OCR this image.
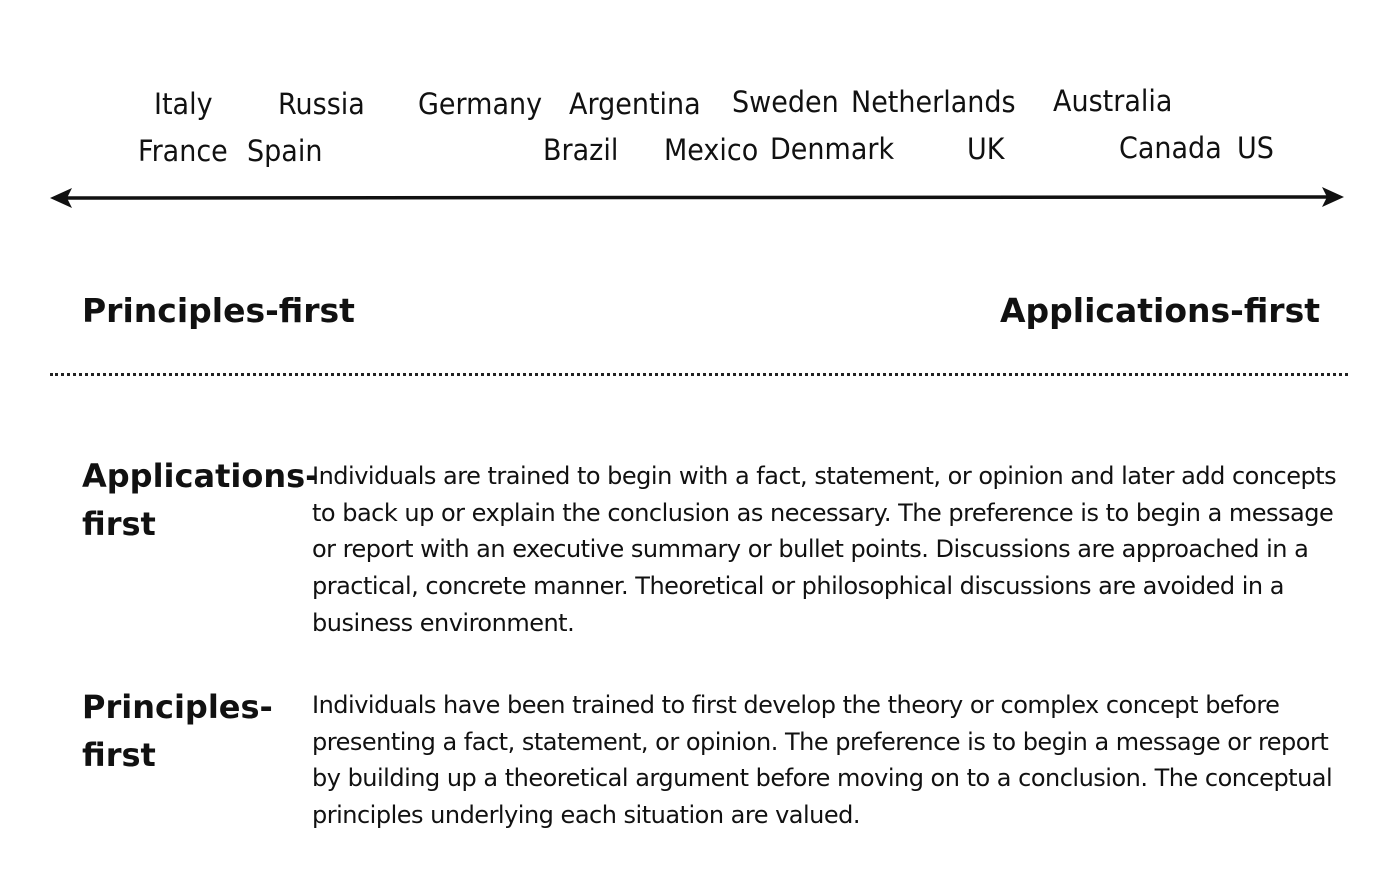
Italy Russia Germany Argentina Sweden Netherlands Australia
France Spain	Brazil Mexico Denmark	UK	Canada US
Principles-first	Applications-first
Applications-first
Individuals are trained to begin with a fact, statement, or opinion and later add concepts to back up or explain the conclusion as necessary. The preference is to begin a message or report with an executive summary or bullet points. Discussions are approached in a practical, concrete manner. Theoretical or philosophical discussions are avoided in a business environment.
Principles-first
Individuals have been trained to first develop the theory or complex concept before presenting a fact, statement, or opinion. The preference is to begin a message or report by building up a theoretical argument before moving on to a conclusion. The conceptual principles underlying each situation are valued.
